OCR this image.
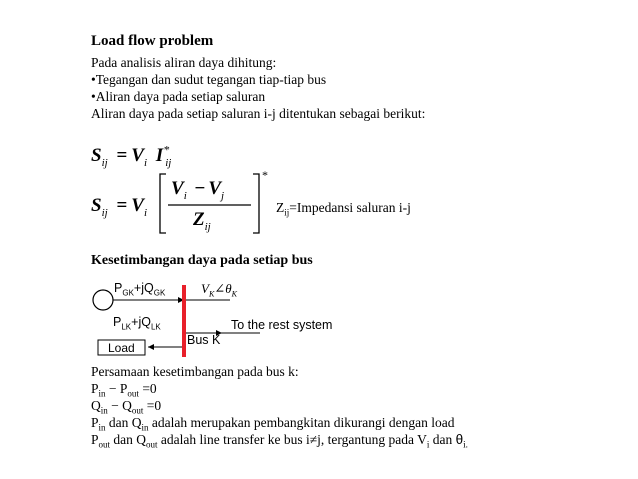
Load flow problem
Pada analisis aliran daya dihitung:
•Tegangan dan sudut tegangan tiap-tiap bus
•Aliran daya pada setiap saluran
Aliran daya pada setiap saluran i-j ditentukan sebagai berikut:
$S_{ij} = V_i$ $I^*_{ij}$
$S_{ij} = V_i$
$V_i - V_j$
$Z_{ij}$
*
$Z_{ij}=Impedansi$ saluran i-j
Kesetimbangan daya pada setiap bus
$P_{GK}+jQ_{GK}$	$V_K\angle\theta_K$
$P_{LK}+jQ_{LK}$	To the rest system
Bus K
Load
Persamaan kesetimbangan pada bus k:
$P_{in} - P_{out} =0$
$Q_{in} - Q_{out} =0$
$P_{in}$ dan $Q_{in}$ adalah merupakan pembangkitan dikurangi dengan load
$P_{out}$ dan $Q_{out}$ adalah line transfer ke bus i≠j, tergantung pada $V_i$ dan $\theta_{i.}$
